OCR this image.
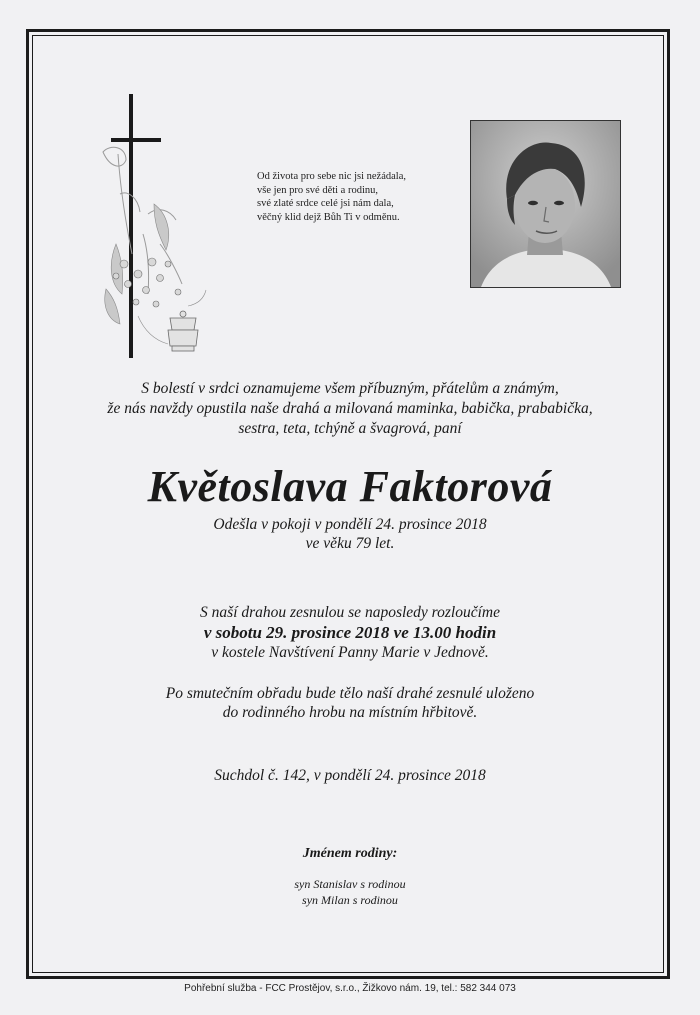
Od života pro sebe nic jsi nežádala,
vše jen pro své děti a rodinu,
své zlaté srdce celé jsi nám dala,
věčný klid dejž Bůh Ti v odměnu.
S bolestí v srdci oznamujeme všem příbuzným, přátelům a známým,
že nás navždy opustila naše drahá a milovaná maminka, babička, prababička,
sestra, teta, tchýně a švagrová, paní
Květoslava Faktorová
Odešla v pokoji v pondělí 24. prosince 2018
ve věku 79 let.
S naší drahou zesnulou se naposledy rozloučíme
v sobotu 29. prosince 2018 ve 13.00 hodin
v kostele Navštívení Panny Marie v Jednově.
Po smutečním obřadu bude tělo naší drahé zesnulé uloženo
do rodinného hrobu na místním hřbitově.
Suchdol č. 142, v pondělí 24. prosince 2018
Jménem rodiny:
syn Stanislav s rodinou
syn Milan s rodinou
Pohřební služba - FCC Prostějov, s.r.o., Žižkovo nám. 19, tel.: 582 344 073
